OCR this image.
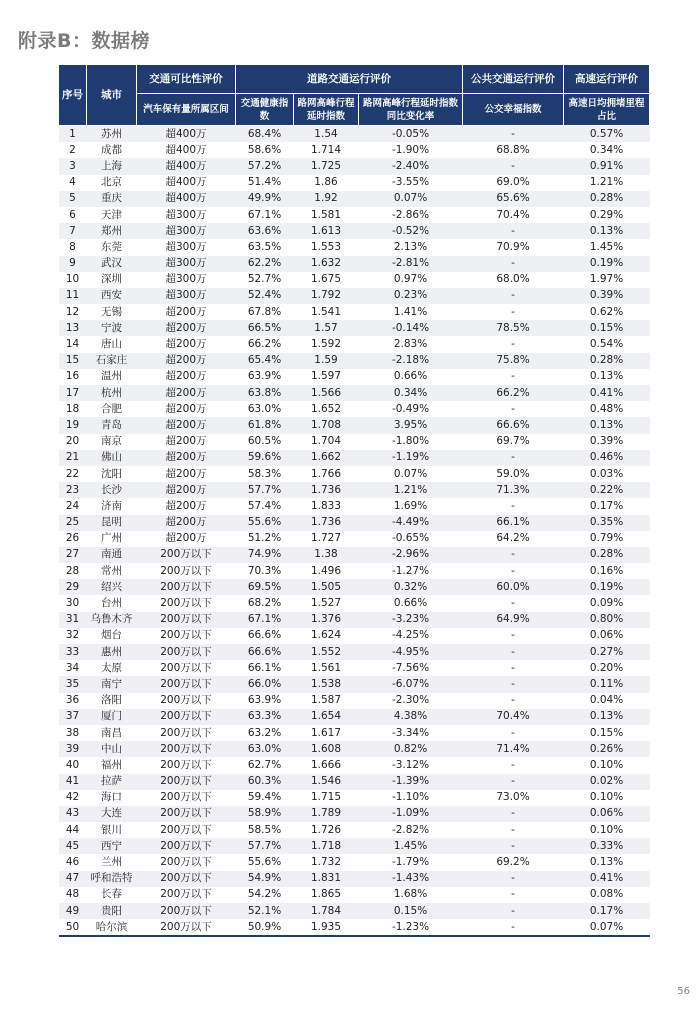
附录B：数据榜
序号	城市	交通可比性评价	道路交通运行评价			公共交通运行评价	高速运行评价
		汽车保有量所属区间	交通健康指数	路网高峰行程延时指数	路网高峰行程延时指数同比变化率	公交幸福指数	高速日均拥堵里程占比
1	苏州	超400万	68.4%	1.54	-0.05%	-	0.57%
2	成都	超400万	58.6%	1.714	-1.90%	68.8%	0.34%
3	上海	超400万	57.2%	1.725	-2.40%	-	0.91%
4	北京	超400万	51.4%	1.86	-3.55%	69.0%	1.21%
5	重庆	超400万	49.9%	1.92	0.07%	65.6%	0.28%
6	天津	超300万	67.1%	1.581	-2.86%	70.4%	0.29%
7	郑州	超300万	63.6%	1.613	-0.52%	-	0.13%
8	东莞	超300万	63.5%	1.553	2.13%	70.9%	1.45%
9	武汉	超300万	62.2%	1.632	-2.81%	-	0.19%
10	深圳	超300万	52.7%	1.675	0.97%	68.0%	1.97%
11	西安	超300万	52.4%	1.792	0.23%	-	0.39%
12	无锡	超200万	67.8%	1.541	1.41%	-	0.62%
13	宁波	超200万	66.5%	1.57	-0.14%	78.5%	0.15%
14	唐山	超200万	66.2%	1.592	2.83%	-	0.54%
15	石家庄	超200万	65.4%	1.59	-2.18%	75.8%	0.28%
16	温州	超200万	63.9%	1.597	0.66%	-	0.13%
17	杭州	超200万	63.8%	1.566	0.34%	66.2%	0.41%
18	合肥	超200万	63.0%	1.652	-0.49%	-	0.48%
19	青岛	超200万	61.8%	1.708	3.95%	66.6%	0.13%
20	南京	超200万	60.5%	1.704	-1.80%	69.7%	0.39%
21	佛山	超200万	59.6%	1.662	-1.19%	-	0.46%
22	沈阳	超200万	58.3%	1.766	0.07%	59.0%	0.03%
23	长沙	超200万	57.7%	1.736	1.21%	71.3%	0.22%
24	济南	超200万	57.4%	1.833	1.69%	-	0.17%
25	昆明	超200万	55.6%	1.736	-4.49%	66.1%	0.35%
26	广州	超200万	51.2%	1.727	-0.65%	64.2%	0.79%
27	南通	200万以下	74.9%	1.38	-2.96%	-	0.28%
28	常州	200万以下	70.3%	1.496	-1.27%	-	0.16%
29	绍兴	200万以下	69.5%	1.505	0.32%	60.0%	0.19%
30	台州	200万以下	68.2%	1.527	0.66%	-	0.09%
31	乌鲁木齐	200万以下	67.1%	1.376	-3.23%	64.9%	0.80%
32	烟台	200万以下	66.6%	1.624	-4.25%	-	0.06%
33	惠州	200万以下	66.6%	1.552	-4.95%	-	0.27%
34	太原	200万以下	66.1%	1.561	-7.56%	-	0.20%
35	南宁	200万以下	66.0%	1.538	-6.07%	-	0.11%
36	洛阳	200万以下	63.9%	1.587	-2.30%	-	0.04%
37	厦门	200万以下	63.3%	1.654	4.38%	70.4%	0.13%
38	南昌	200万以下	63.2%	1.617	-3.34%	-	0.15%
39	中山	200万以下	63.0%	1.608	0.82%	71.4%	0.26%
40	福州	200万以下	62.7%	1.666	-3.12%	-	0.10%
41	拉萨	200万以下	60.3%	1.546	-1.39%	-	0.02%
42	海口	200万以下	59.4%	1.715	-1.10%	73.0%	0.10%
43	大连	200万以下	58.9%	1.789	-1.09%	-	0.06%
44	银川	200万以下	58.5%	1.726	-2.82%	-	0.10%
45	西宁	200万以下	57.7%	1.718	1.45%	-	0.33%
46	兰州	200万以下	55.6%	1.732	-1.79%	69.2%	0.13%
47	呼和浩特	200万以下	54.9%	1.831	-1.43%	-	0.41%
48	长春	200万以下	54.2%	1.865	1.68%	-	0.08%
49	贵阳	200万以下	52.1%	1.784	0.15%	-	0.17%
50	哈尔滨	200万以下	50.9%	1.935	-1.23%	-	0.07%
56
